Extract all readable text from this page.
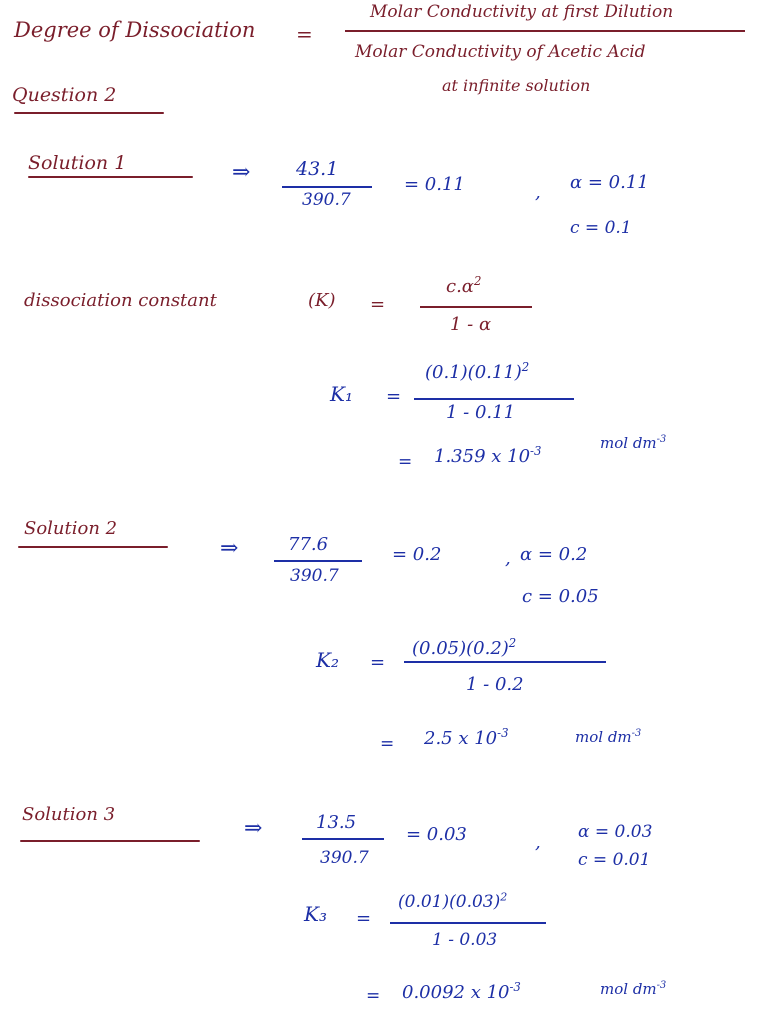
Degree of Dissociation =
Molar Conductivity at first Dilution
Molar Conductivity of Acetic Acid
at infinite solution
Question 2
Solution 1	⇒ 43.1
390.7
= 0.11	, α = 0.11
c = 0.1
dissociation constant	(K) =
$c.\alpha^2$
1 - α
K₁ =
$(0.1)(0.11)^2$
1 - 0.11
= 1.359 x $10^{-3}$	mol $dm^{-3}$
Solution 2
⇒	77.6
390.7
= 0.2	, α = 0.2
c = 0.05
K₂ =
$(0.05)(0.2)^2$
1 - 0.2
= 2.5 x $10^{-3}$	mol $dm^{-3}$
Solution 3
⇒	13.5
390.7
= 0.03	, α = 0.03
c = 0.01
K₃ =
$(0.01)(0.03)^2$
1 - 0.03
= 0.0092 x $10^{-3}$	mol $dm^{-3}$
